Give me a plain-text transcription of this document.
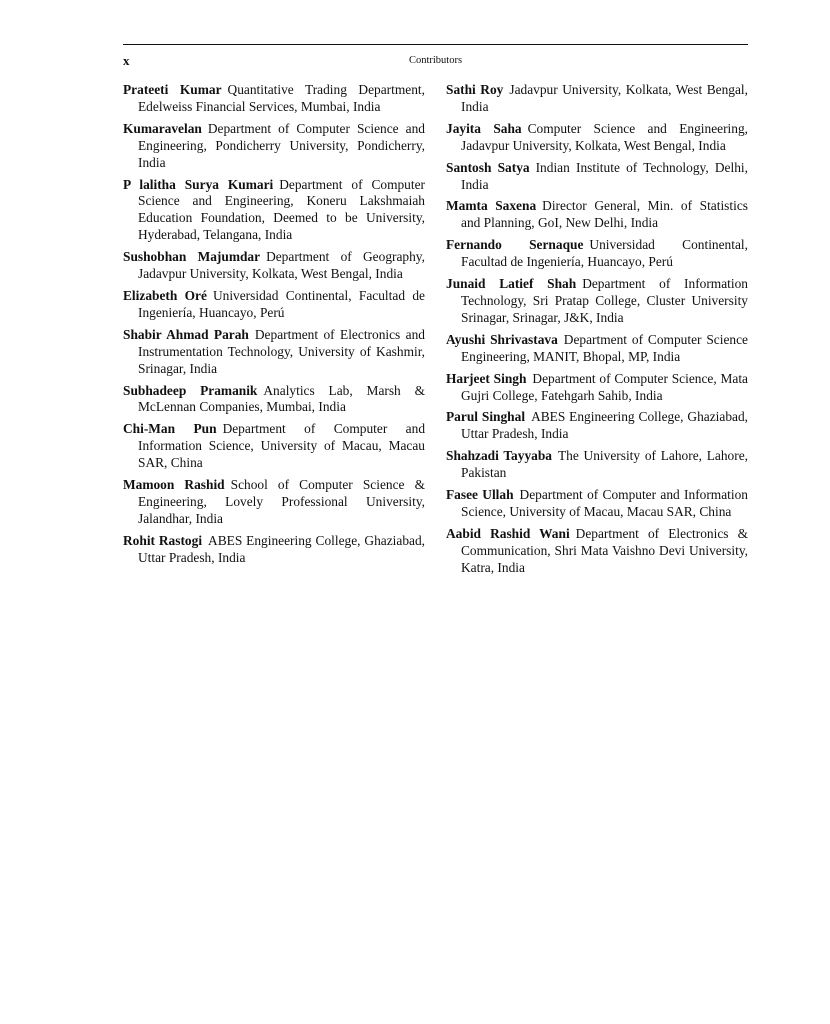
x	Contributors

Prateeti Kumar Quantitative Trading Department, Edelweiss Financial Services, Mumbai, India

Kumaravelan Department of Computer Science and Engineering, Pondicherry University, Pondicherry, India

P lalitha Surya Kumari Department of Computer Science and Engineering, Koneru Lakshmaiah Education Foundation, Deemed to be University, Hyderabad, Telangana, India

Sushobhan Majumdar Department of Geography, Jadavpur University, Kolkata, West Bengal, India

Elizabeth Oré Universidad Continental, Facultad de Ingeniería, Huancayo, Perú

Shabir Ahmad Parah Department of Electronics and Instrumentation Technology, University of Kashmir, Srinagar, India

Subhadeep Pramanik Analytics Lab, Marsh & McLennan Companies, Mumbai, India

Chi-Man Pun Department of Computer and Information Science, University of Macau, Macau SAR, China

Mamoon Rashid School of Computer Science & Engineering, Lovely Professional University, Jalandhar, India

Rohit Rastogi ABES Engineering College, Ghaziabad, Uttar Pradesh, India

Sathi Roy Jadavpur University, Kolkata, West Bengal, India

Jayita Saha Computer Science and Engineering, Jadavpur University, Kolkata, West Bengal, India

Santosh Satya Indian Institute of Technology, Delhi, India

Mamta Saxena Director General, Min. of Statistics and Planning, GoI, New Delhi, India

Fernando Sernaque Universidad Continental, Facultad de Ingeniería, Huancayo, Perú

Junaid Latief Shah Department of Information Technology, Sri Pratap College, Cluster University Srinagar, Srinagar, J&K, India

Ayushi Shrivastava Department of Computer Science Engineering, MANIT, Bhopal, MP, India

Harjeet Singh Department of Computer Science, Mata Gujri College, Fatehgarh Sahib, India

Parul Singhal ABES Engineering College, Ghaziabad, Uttar Pradesh, India

Shahzadi Tayyaba The University of Lahore, Lahore, Pakistan

Fasee Ullah Department of Computer and Information Science, University of Macau, Macau SAR, China

Aabid Rashid Wani Department of Electronics & Communication, Shri Mata Vaishno Devi University, Katra, India
